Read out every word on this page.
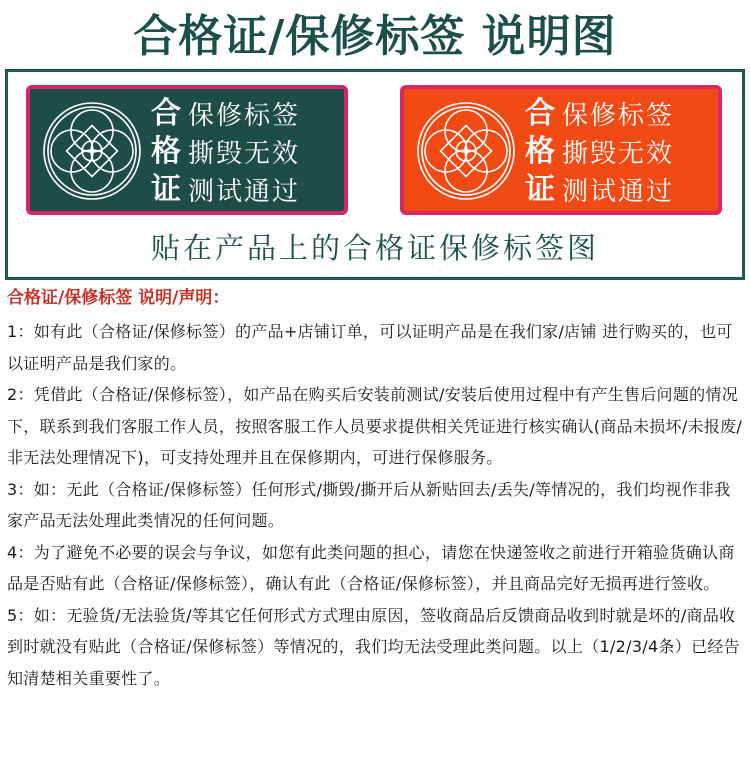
合格证/保修标签 说明图
合
格
证
保修标签
撕毁无效
测试通过
合
格
证
保修标签
撕毁无效
测试通过
贴在产品上的合格证保修标签图

合格证/保修标签 说明/声明：

1：如有此（合格证/保修标签）的产品+店铺订单，可以证明产品是在我们家/店铺 进行购买的，也可以证明产品是我们家的。

2：凭借此（合格证/保修标签），如产品在购买后安装前测试/安装后使用过程中有产生售后问题的情况下，联系到我们客服工作人员，按照客服工作人员要求提供相关凭证进行核实确认(商品未损坏/未报废/非无法处理情况下)，可支持处理并且在保修期内，可进行保修服务。

3：如：无此（合格证/保修标签）任何形式/撕毁/撕开后从新贴回去/丢失/等情况的，我们均视作非我家产品无法处理此类情况的任何问题。

4：为了避免不必要的误会与争议，如您有此类问题的担心，请您在快递签收之前进行开箱验货确认商品是否贴有此（合格证/保修标签），确认有此（合格证/保修标签），并且商品完好无损再进行签收。

5：如：无验货/无法验货/等其它任何形式方式理由原因，签收商品后反馈商品收到时就是坏的/商品收到时就没有贴此（合格证/保修标签）等情况的，我们均无法受理此类问题。以上（1/2/3/4条）已经告知清楚相关重要性了。
